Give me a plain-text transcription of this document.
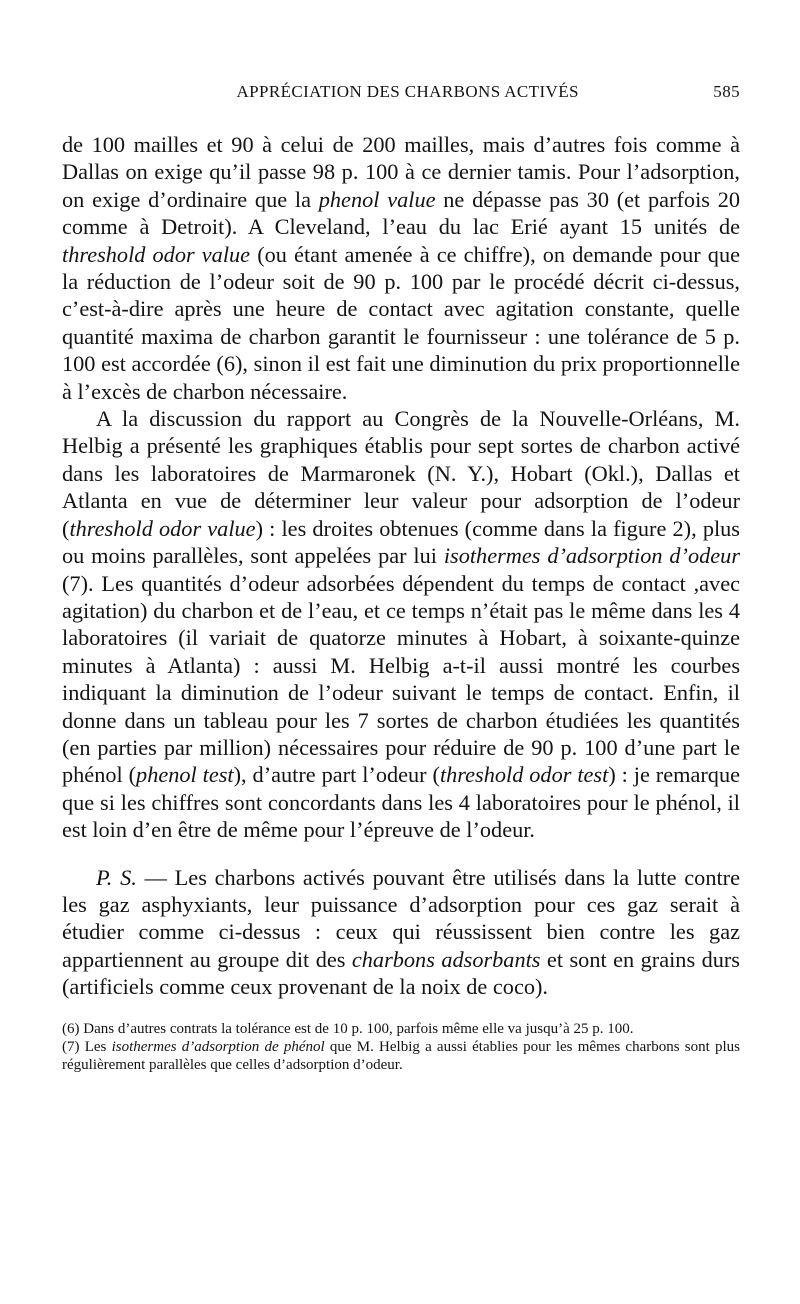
APPRÉCIATION DES CHARBONS ACTIVÉS	585

de 100 mailles et 90 à celui de 200 mailles, mais d’autres fois comme à Dallas on exige qu’il passe 98 p. 100 à ce dernier tamis. Pour l’adsorption, on exige d’ordinaire que la phenol value ne dépasse pas 30 (et parfois 20 comme à Detroit). A Cleveland, l’eau du lac Erié ayant 15 unités de threshold odor value (ou étant amenée à ce chiffre), on demande pour que la réduction de l’odeur soit de 90 p. 100 par le procédé décrit ci-dessus, c’est-à-dire après une heure de contact avec agitation constante, quelle quantité maxima de charbon garantit le fournisseur : une tolérance de 5 p. 100 est accordée (6), sinon il est fait une diminution du prix proportionnelle à l’excès de charbon nécessaire.

A la discussion du rapport au Congrès de la Nouvelle-Orléans, M. Helbig a présenté les graphiques établis pour sept sortes de charbon activé dans les laboratoires de Marmaronek (N. Y.), Hobart (Okl.), Dallas et Atlanta en vue de déterminer leur valeur pour adsorption de l’odeur (threshold odor value) : les droites obtenues (comme dans la figure 2), plus ou moins parallèles, sont appelées par lui isothermes d’adsorption d’odeur (7). Les quantités d’odeur adsorbées dépendent du temps de contact ,avec agitation) du charbon et de l’eau, et ce temps n’était pas le même dans les 4 laboratoires (il variait de quatorze minutes à Hobart, à soixante-quinze minutes à Atlanta) : aussi M. Helbig a-t-il aussi montré les courbes indiquant la diminution de l’odeur suivant le temps de contact. Enfin, il donne dans un tableau pour les 7 sortes de charbon étudiées les quantités (en parties par million) nécessaires pour réduire de 90 p. 100 d’une part le phénol (phenol test), d’autre part l’odeur (threshold odor test) : je remarque que si les chiffres sont concordants dans les 4 laboratoires pour le phénol, il est loin d’en être de même pour l’épreuve de l’odeur.

P. S. — Les charbons activés pouvant être utilisés dans la lutte contre les gaz asphyxiants, leur puissance d’adsorption pour ces gaz serait à étudier comme ci-dessus : ceux qui réussissent bien contre les gaz appartiennent au groupe dit des charbons adsorbants et sont en grains durs (artificiels comme ceux provenant de la noix de coco).

(6) Dans d’autres contrats la tolérance est de 10 p. 100, parfois même elle va jusqu’à 25 p. 100.

(7) Les isothermes d’adsorption de phénol que M. Helbig a aussi établies pour les mêmes charbons sont plus régulièrement parallèles que celles d’adsorption d’odeur.
